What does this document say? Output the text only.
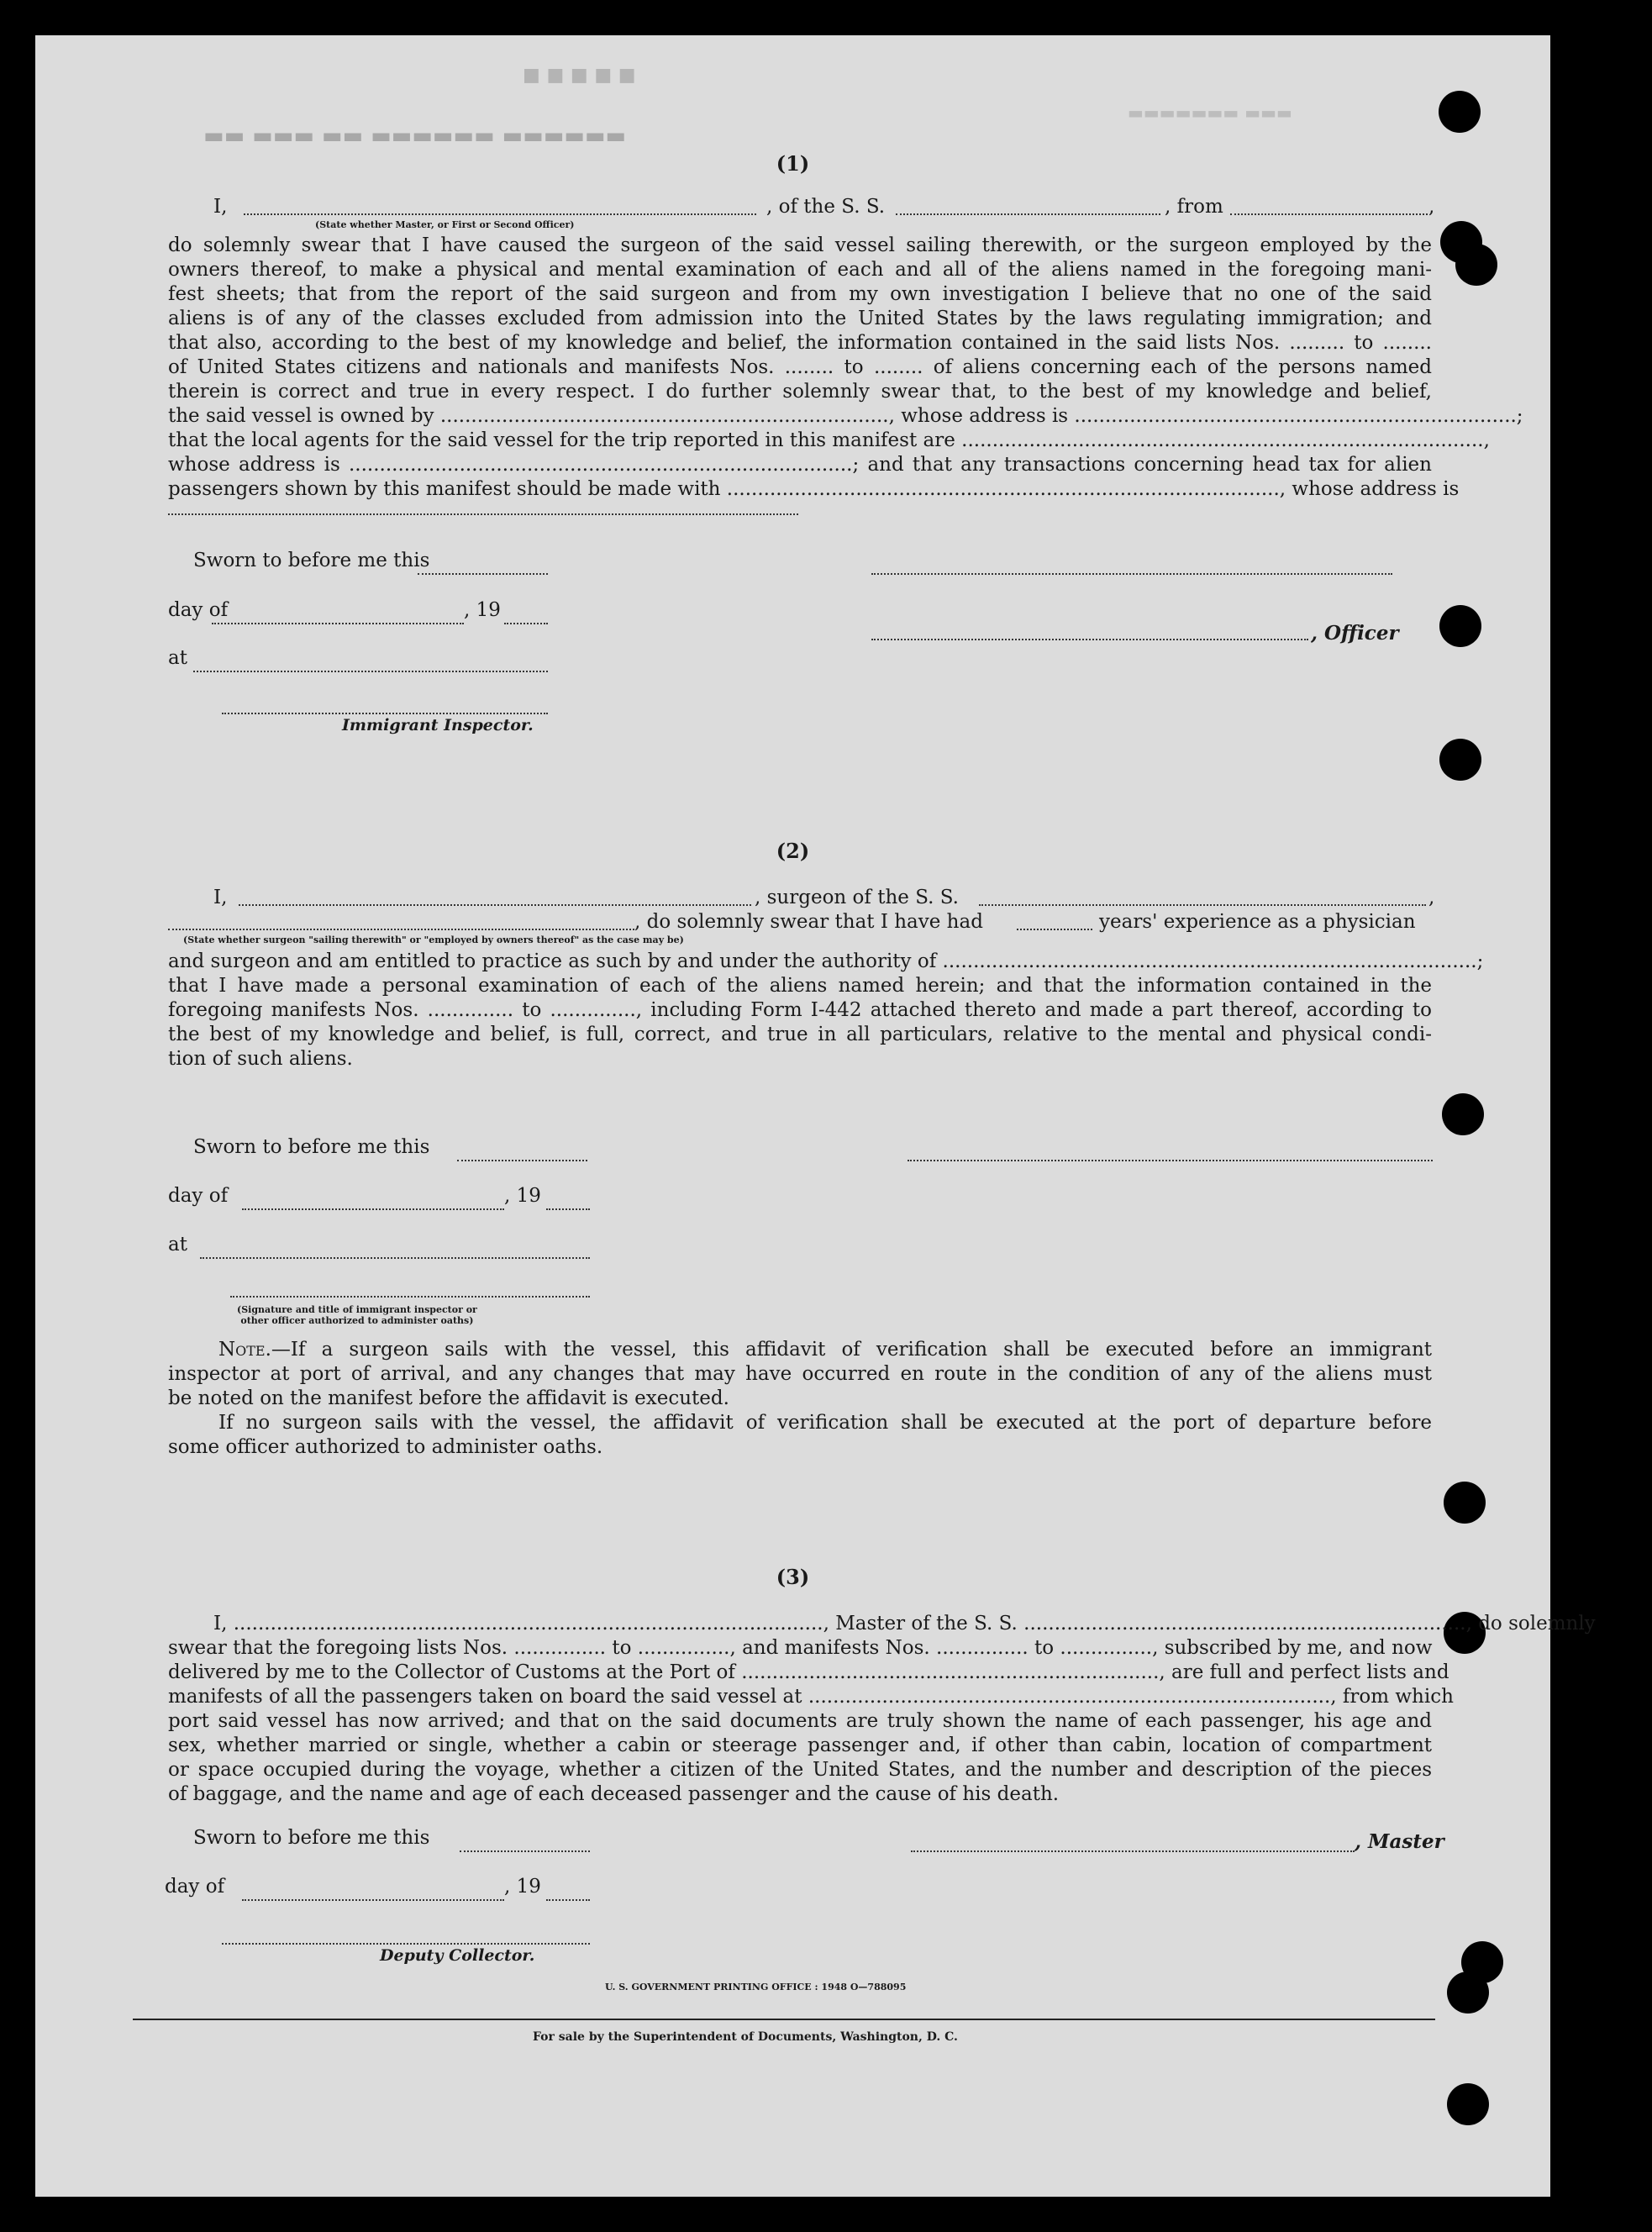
■ ■ ■ ■ ■
▬▬ ▬▬▬ ▬▬ ▬▬▬▬▬▬ ▬▬▬▬▬▬
▬▬▬▬▬▬▬ ▬▬▬
(1)
I,	, of the S. S.	, from	,
(State whether Master, or First or Second Officer)
do solemnly swear that I have caused the surgeon of the said vessel sailing therewith, or the surgeon employed by the
owners thereof, to make a physical and mental examination of each and all of the aliens named in the foregoing mani-
fest sheets; that from the report of the said surgeon and from my own investigation I believe that no one of the said
aliens is of any of the classes excluded from admission into the United States by the laws regulating immigration; and
that also, according to the best of my knowledge and belief, the information contained in the said lists Nos. ......... to ........
of United States citizens and nationals and manifests Nos. ........ to ........ of aliens concerning each of the persons named
therein is correct and true in every respect. I do further solemnly swear that, to the best of my knowledge and belief,
the said vessel is owned by ........................................................................., whose address is ........................................................................;
that the local agents for the said vessel for the trip reported in this manifest are .....................................................................................,
whose address is ..................................................................................; and that any transactions concerning head tax for alien
passengers shown by this manifest should be made with .........................................................................................., whose address is
Sworn to before me this
day of	, 19
, Officer
at
Immigrant Inspector.
(2)
I,	, surgeon of the S. S.	,
, do solemnly swear that I have had	years' experience as a physician
(State whether surgeon "sailing therewith" or "employed by owners thereof" as the case may be)
and surgeon and am entitled to practice as such by and under the authority of .......................................................................................;
that I have made a personal examination of each of the aliens named herein; and that the information contained in the
foregoing manifests Nos. .............. to .............., including Form I-442 attached thereto and made a part thereof, according to
the best of my knowledge and belief, is full, correct, and true in all particulars, relative to the mental and physical condi-
tion of such aliens.
Sworn to before me this
day of	, 19
at
(Signature and title of immigrant inspector or
other officer authorized to administer oaths)
Note.—If a surgeon sails with the vessel, this affidavit of verification shall be executed before an immigrant
inspector at port of arrival, and any changes that may have occurred en route in the condition of any of the aliens must
be noted on the manifest before the affidavit is executed.
If no surgeon sails with the vessel, the affidavit of verification shall be executed at the port of departure before
some officer authorized to administer oaths.
(3)
I, ................................................................................................, Master of the S. S. ........................................................................, do solemnly
swear that the foregoing lists Nos. ............... to ..............., and manifests Nos. ............... to ..............., subscribed by me, and now
delivered by me to the Collector of Customs at the Port of ...................................................................., are full and perfect lists and
manifests of all the passengers taken on board the said vessel at ....................................................................................., from which
port said vessel has now arrived; and that on the said documents are truly shown the name of each passenger, his age and
sex, whether married or single, whether a cabin or steerage passenger and, if other than cabin, location of compartment
or space occupied during the voyage, whether a citizen of the United States, and the number and description of the pieces
of baggage, and the name and age of each deceased passenger and the cause of his death.
Sworn to before me this	, Master
day of	, 19
Deputy Collector.
U. S. GOVERNMENT PRINTING OFFICE : 1948 O—788095
For sale by the Superintendent of Documents, Washington, D. C.
